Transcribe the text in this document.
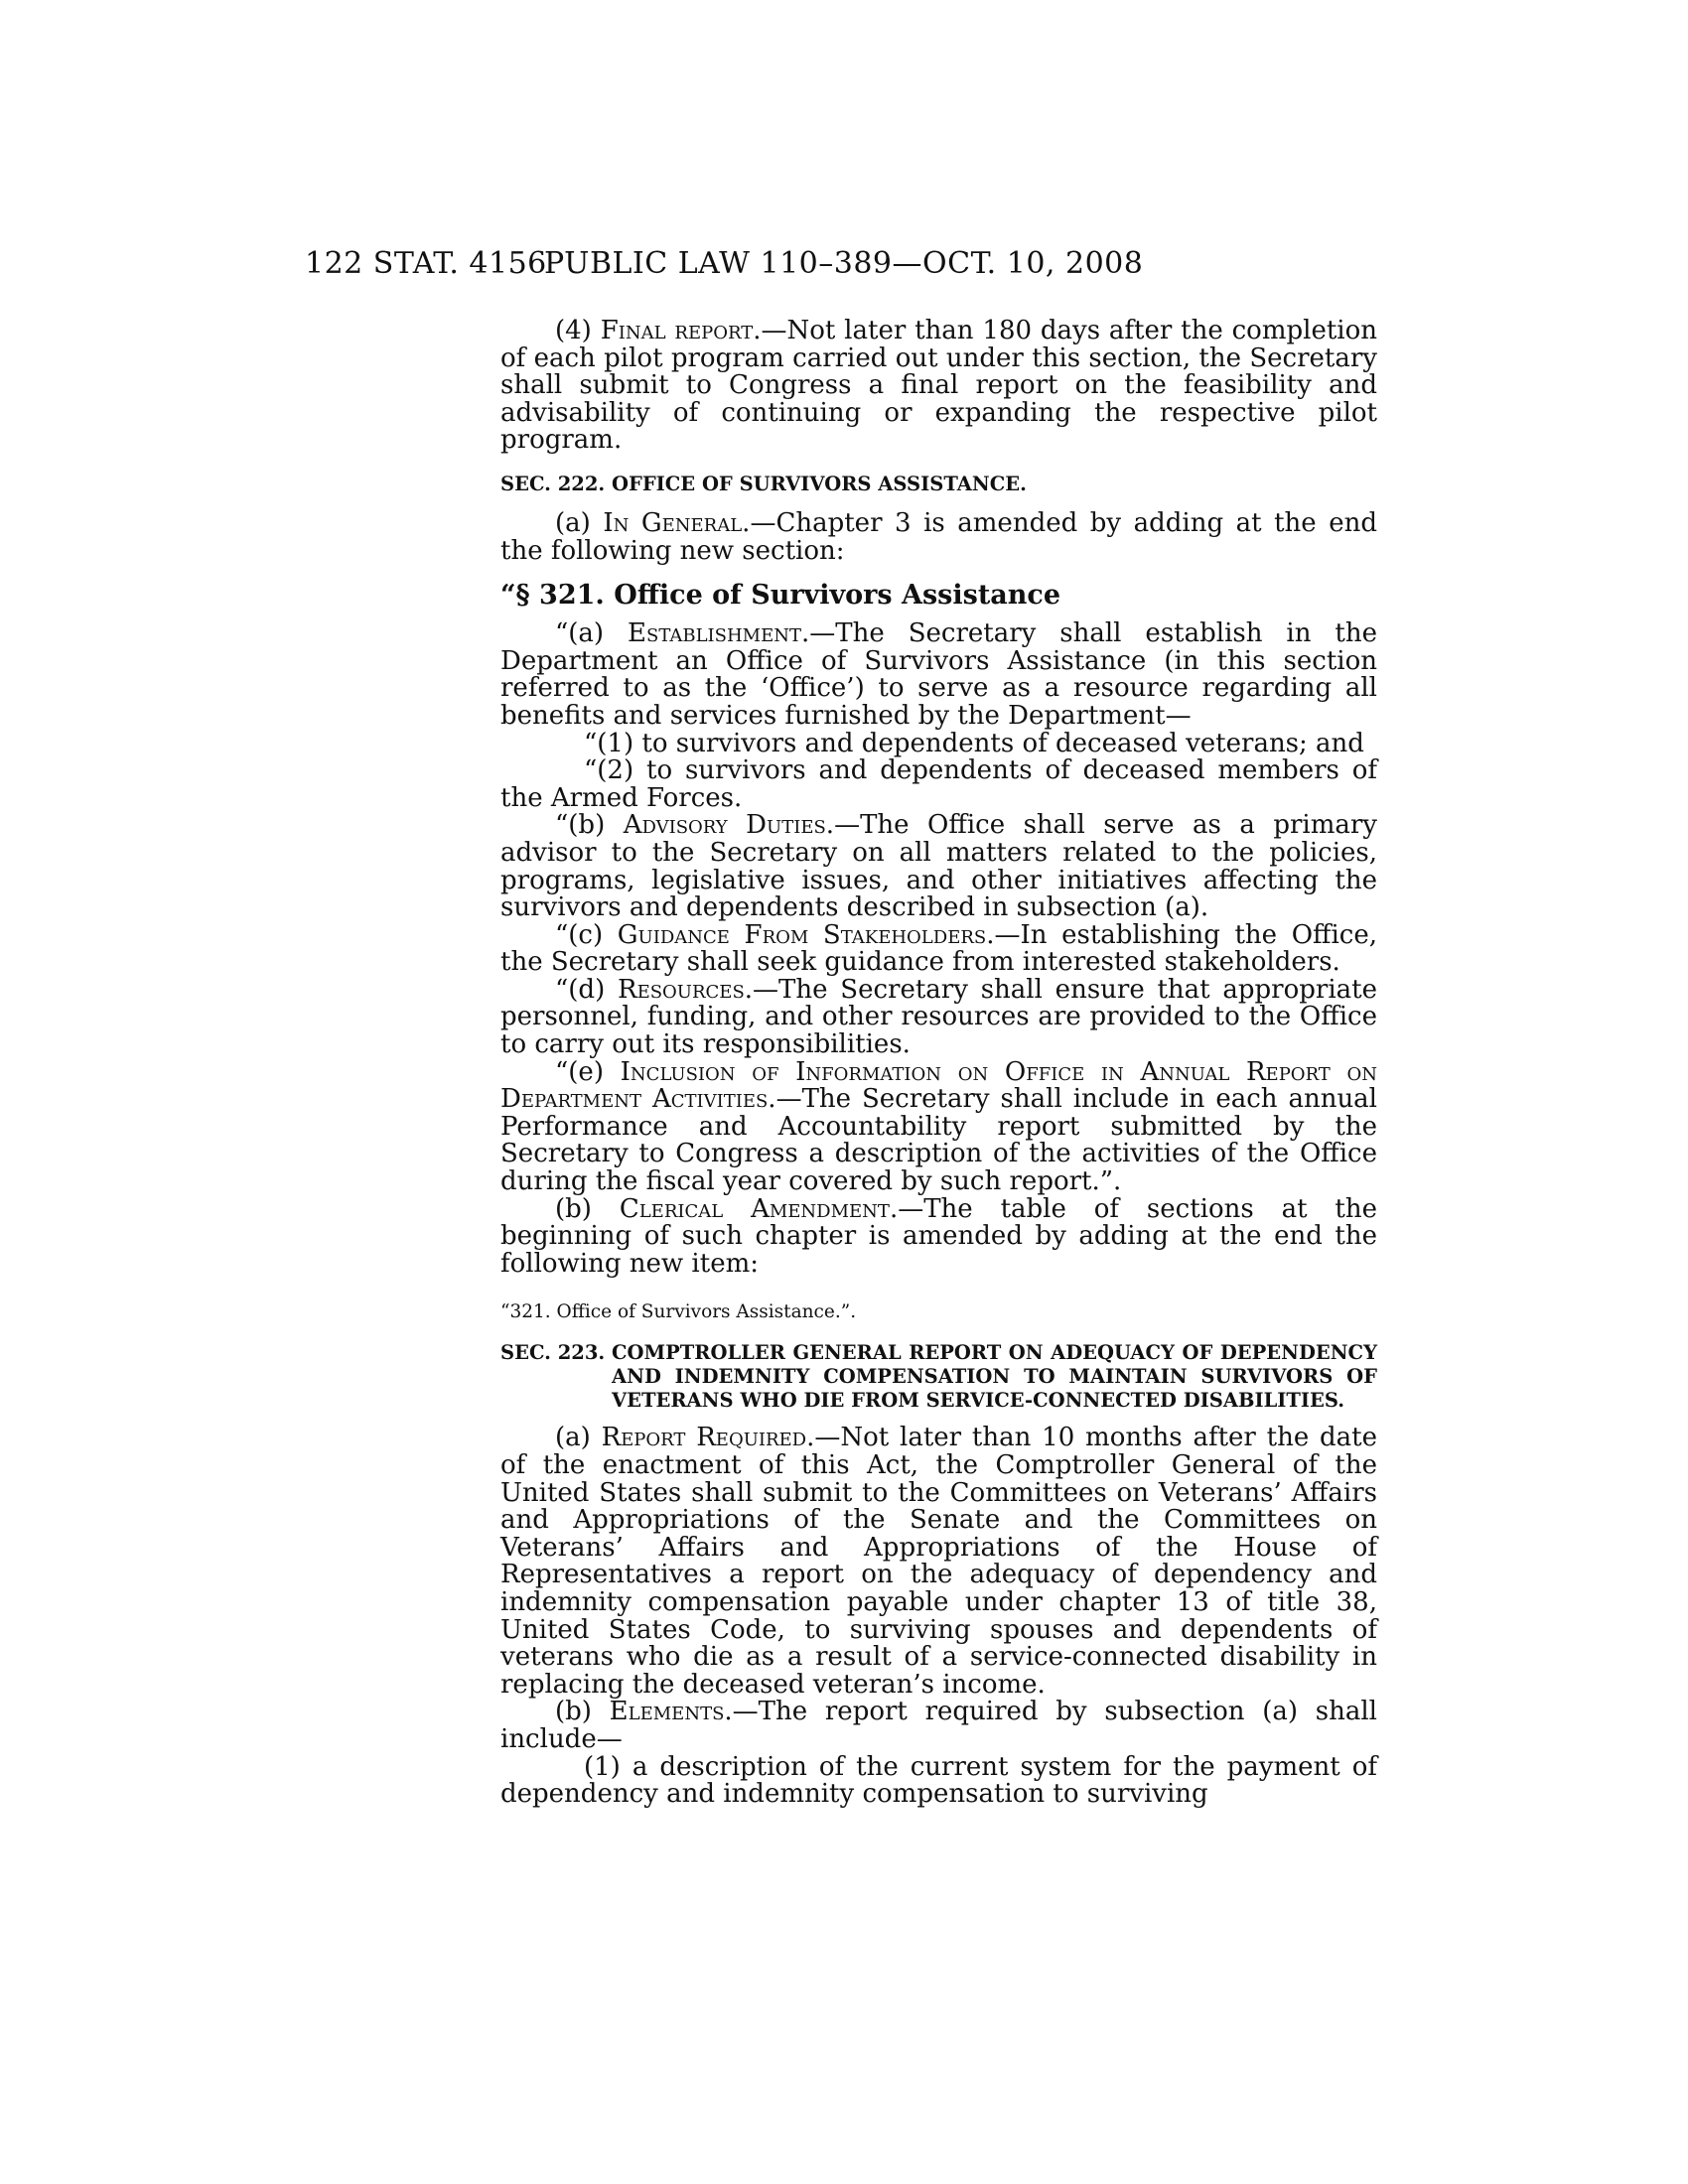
122 STAT. 4156
PUBLIC LAW 110–389—OCT. 10, 2008

(4) Final report.—Not later than 180 days after the completion of each pilot program carried out under this section, the Secretary shall submit to Congress a final report on the feasibility and advisability of continuing or expanding the respective pilot program.

SEC. 222. OFFICE OF SURVIVORS ASSISTANCE.

(a) In General.—Chapter 3 is amended by adding at the end the following new section:

“§ 321. Office of Survivors Assistance

“(a) Establishment.—The Secretary shall establish in the Department an Office of Survivors Assistance (in this section referred to as the ‘Office’) to serve as a resource regarding all benefits and services furnished by the Department—

“(1) to survivors and dependents of deceased veterans; and

“(2) to survivors and dependents of deceased members of the Armed Forces.

“(b) Advisory Duties.—The Office shall serve as a primary advisor to the Secretary on all matters related to the policies, programs, legislative issues, and other initiatives affecting the survivors and dependents described in subsection (a).

“(c) Guidance From Stakeholders.—In establishing the Office, the Secretary shall seek guidance from interested stakeholders.

“(d) Resources.—The Secretary shall ensure that appropriate personnel, funding, and other resources are provided to the Office to carry out its responsibilities.

“(e) Inclusion of Information on Office in Annual Report on Department Activities.—The Secretary shall include in each annual Performance and Accountability report submitted by the Secretary to Congress a description of the activities of the Office during the fiscal year covered by such report.”.

(b) Clerical Amendment.—The table of sections at the beginning of such chapter is amended by adding at the end the following new item:

“321. Office of Survivors Assistance.”.
SEC. 223. COMPTROLLER GENERAL REPORT ON ADEQUACY OF DEPENDENCY AND INDEMNITY COMPENSATION TO MAINTAIN SURVIVORS OF VETERANS WHO DIE FROM SERVICE-CONNECTED DISABILITIES.

(a) Report Required.—Not later than 10 months after the date of the enactment of this Act, the Comptroller General of the United States shall submit to the Committees on Veterans’ Affairs and Appropriations of the Senate and the Committees on Veterans’ Affairs and Appropriations of the House of Representatives a report on the adequacy of dependency and indemnity compensation payable under chapter 13 of title 38, United States Code, to surviving spouses and dependents of veterans who die as a result of a service-connected disability in replacing the deceased veteran’s income.

(b) Elements.—The report required by subsection (a) shall include—

(1) a description of the current system for the payment of dependency and indemnity compensation to surviving
